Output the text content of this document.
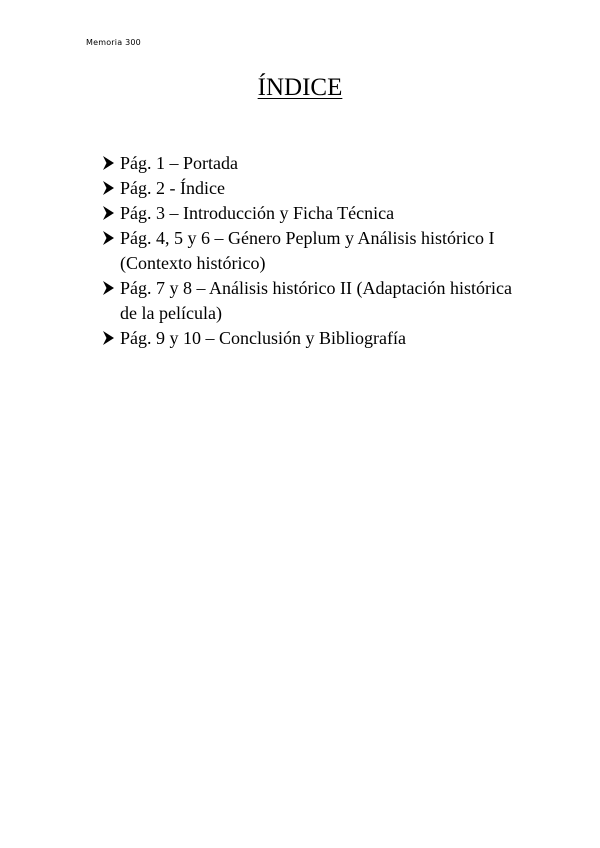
Memoria 300
ÍNDICE
Pág. 1 – Portada
Pág. 2 - Índice
Pág. 3 – Introducción y Ficha Técnica
Pág. 4, 5 y 6 – Género Peplum y Análisis histórico I (Contexto histórico)
Pág. 7 y 8 – Análisis histórico II (Adaptación histórica de la película)
Pág. 9 y 10 – Conclusión y Bibliografía
